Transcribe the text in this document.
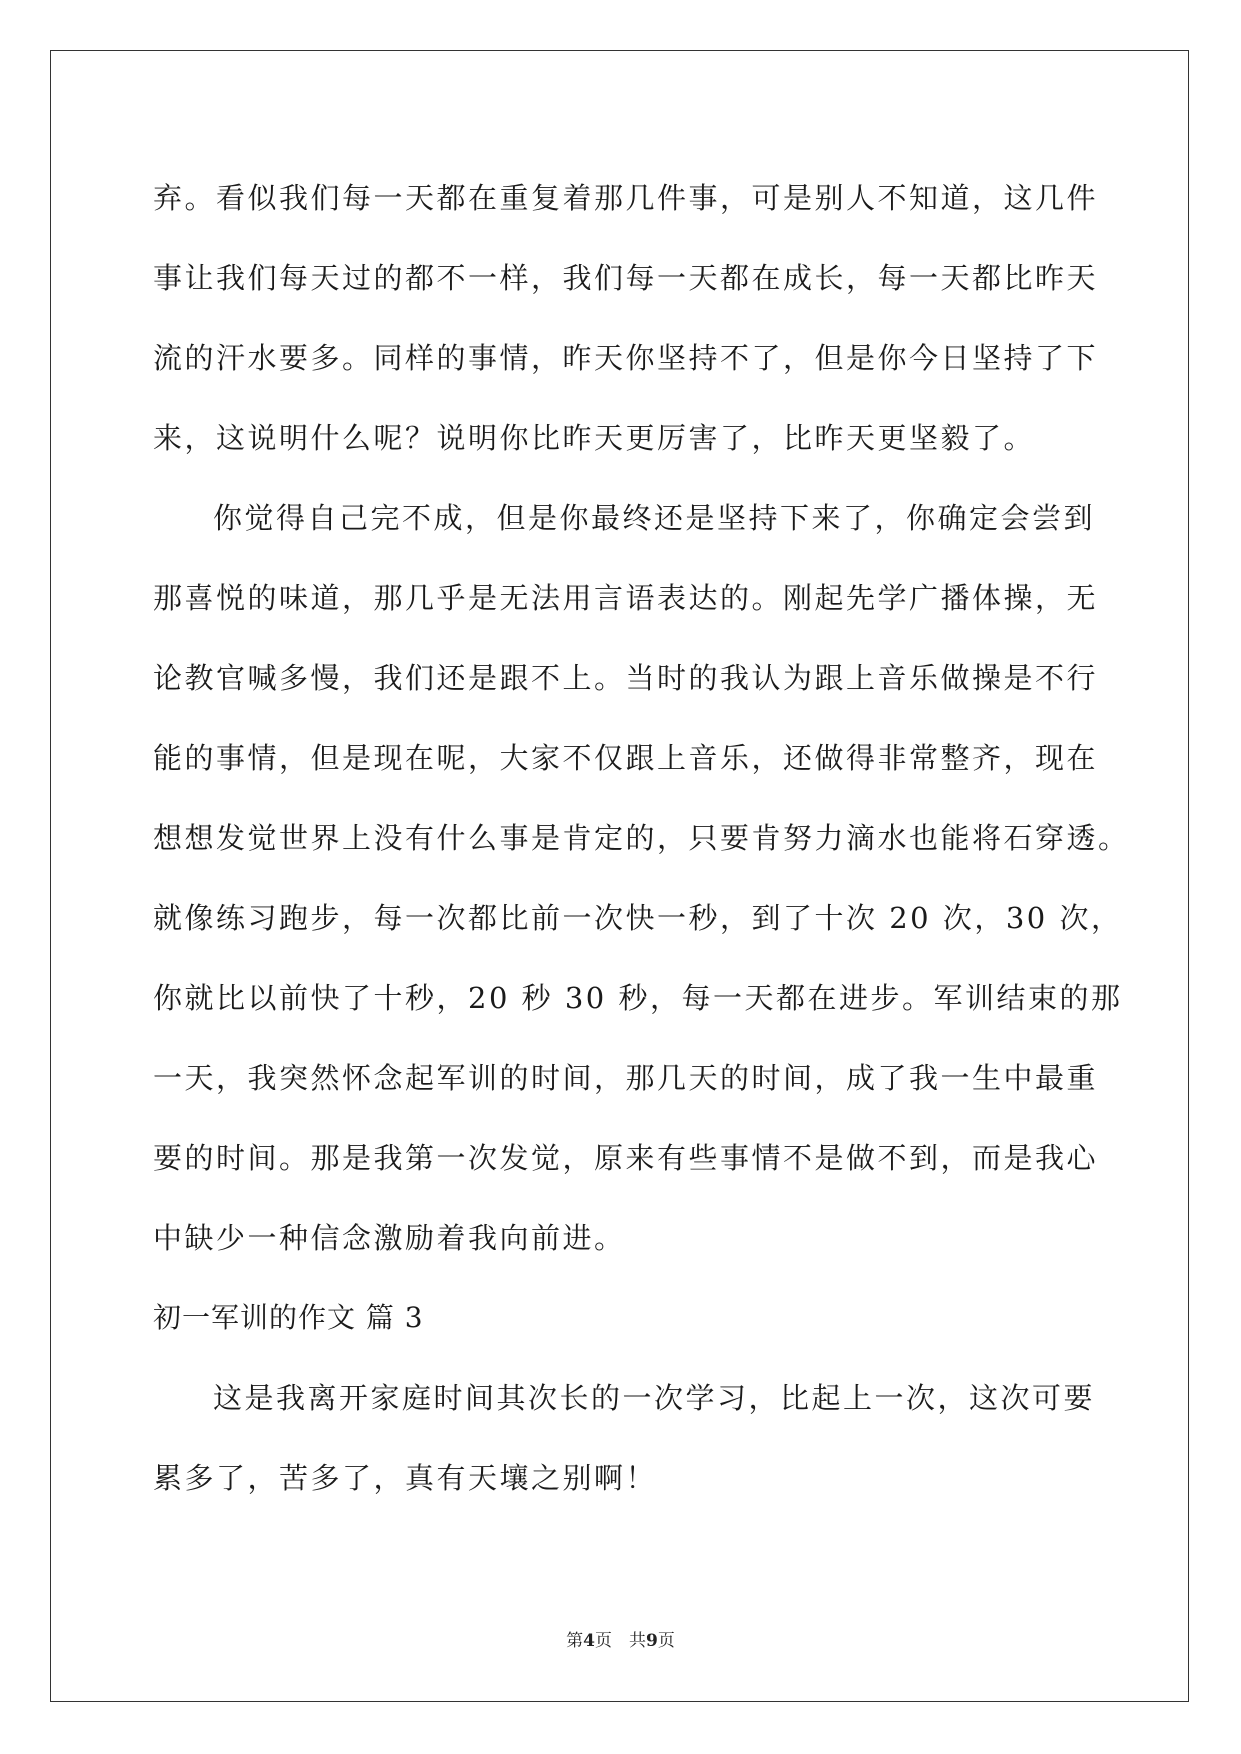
弃。看似我们每一天都在重复着那几件事，可是别人不知道，这几件
事让我们每天过的都不一样，我们每一天都在成长，每一天都比昨天
流的汗水要多。同样的事情，昨天你坚持不了，但是你今日坚持了下
来，这说明什么呢？说明你比昨天更厉害了，比昨天更坚毅了。
你觉得自己完不成，但是你最终还是坚持下来了，你确定会尝到
那喜悦的味道，那几乎是无法用言语表达的。刚起先学广播体操，无
论教官喊多慢，我们还是跟不上。当时的我认为跟上音乐做操是不行
能的事情，但是现在呢，大家不仅跟上音乐，还做得非常整齐，现在
想想发觉世界上没有什么事是肯定的，只要肯努力滴水也能将石穿透。
就像练习跑步，每一次都比前一次快一秒，到了十次 20 次，30 次，
你就比以前快了十秒，20 秒 30 秒，每一天都在进步。军训结束的那
一天，我突然怀念起军训的时间，那几天的时间，成了我一生中最重
要的时间。那是我第一次发觉，原来有些事情不是做不到，而是我心
中缺少一种信念激励着我向前进。
初一军训的作文 篇 3
这是我离开家庭时间其次长的一次学习，比起上一次，这次可要
累多了，苦多了，真有天壤之别啊！
第4页　共9页
